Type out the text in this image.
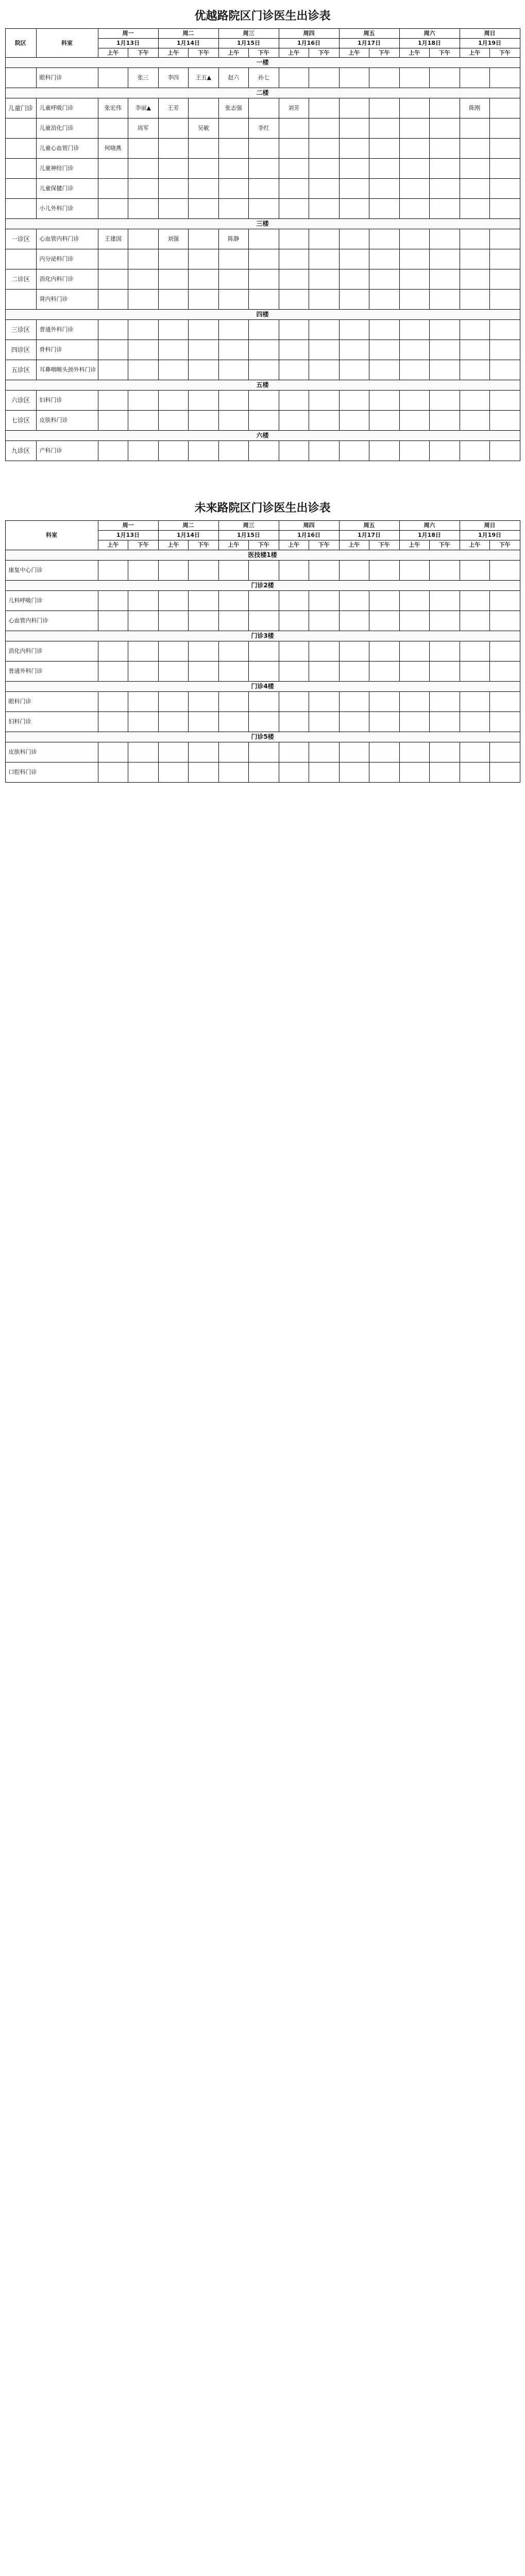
优越路院区门诊医生出诊表
院区	科室	周一		周二		周三		周四		周五		周六		周日	
		1月13日		1月14日		1月15日		1月16日		1月17日		1月18日		1月19日	
		上午	下午	上午	下午	上午	下午	上午	下午	上午	下午	上午	下午	上午	下午
一楼															
	眼科门诊		张三	李四	王五▲	赵六	孙七								
二楼															
儿童门诊	儿童呼吸门诊	张宏伟	李丽▲	王芳		张志强		刘芳						陈刚	
	儿童消化门诊		周军		吴敏		李红								
	儿童心血管门诊	何晓燕													
	儿童神经门诊														
	儿童保健门诊														
	小儿外科门诊														
三楼															
一诊区	心血管内科门诊	王建国		刘强		陈静									
	内分泌科门诊														
二诊区	消化内科门诊														
	肾内科门诊														
四楼															
三诊区	普通外科门诊														
四诊区	骨科门诊														
五诊区	耳鼻咽喉头颈外科门诊														
五楼															
六诊区	妇科门诊														
七诊区	皮肤科门诊														
六楼															
九诊区	产科门诊														
未来路院区门诊医生出诊表
科室	周一		周二		周三		周四		周五		周六		周日	
	1月13日		1月14日		1月15日		1月16日		1月17日		1月18日		1月19日	
	上午	下午	上午	下午	上午	下午	上午	下午	上午	下午	上午	下午	上午	下午
医技楼1楼														
康复中心门诊														
门诊2楼														
儿科呼吸门诊														
心血管内科门诊														
门诊3楼														
消化内科门诊														
普通外科门诊														
门诊4楼														
眼科门诊														
妇科门诊														
门诊5楼														
皮肤科门诊														
口腔科门诊														
